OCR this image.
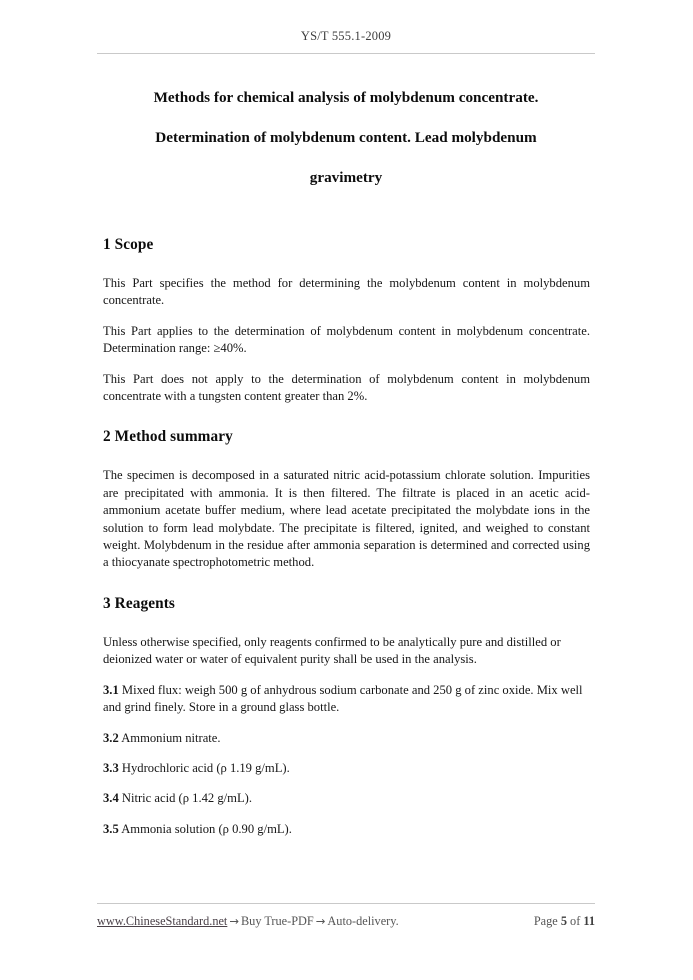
YS/T 555.1-2009
Methods for chemical analysis of molybdenum concentrate.
Determination of molybdenum content. Lead molybdenum
gravimetry
1 Scope

This Part specifies the method for determining the molybdenum content in molybdenum concentrate.

This Part applies to the determination of molybdenum content in molybdenum concentrate. Determination range: ≥40%.

This Part does not apply to the determination of molybdenum content in molybdenum concentrate with a tungsten content greater than 2%.

2 Method summary

The specimen is decomposed in a saturated nitric acid-potassium chlorate solution. Impurities are precipitated with ammonia. It is then filtered. The filtrate is placed in an acetic acid-ammonium acetate buffer medium, where lead acetate precipitated the molybdate ions in the solution to form lead molybdate. The precipitate is filtered, ignited, and weighed to constant weight. Molybdenum in the residue after ammonia separation is determined and corrected using a thiocyanate spectrophotometric method.

3 Reagents

Unless otherwise specified, only reagents confirmed to be analytically pure and distilled or deionized water or water of equivalent purity shall be used in the analysis.

3.1 Mixed flux: weigh 500 g of anhydrous sodium carbonate and 250 g of zinc oxide. Mix well and grind finely. Store in a ground glass bottle.

3.2 Ammonium nitrate.

3.3 Hydrochloric acid (ρ 1.19 g/mL).

3.4 Nitric acid (ρ 1.42 g/mL).

3.5 Ammonia solution (ρ 0.90 g/mL).

www.ChineseStandard.net → Buy True-PDF → Auto-delivery.	Page 5 of 11
